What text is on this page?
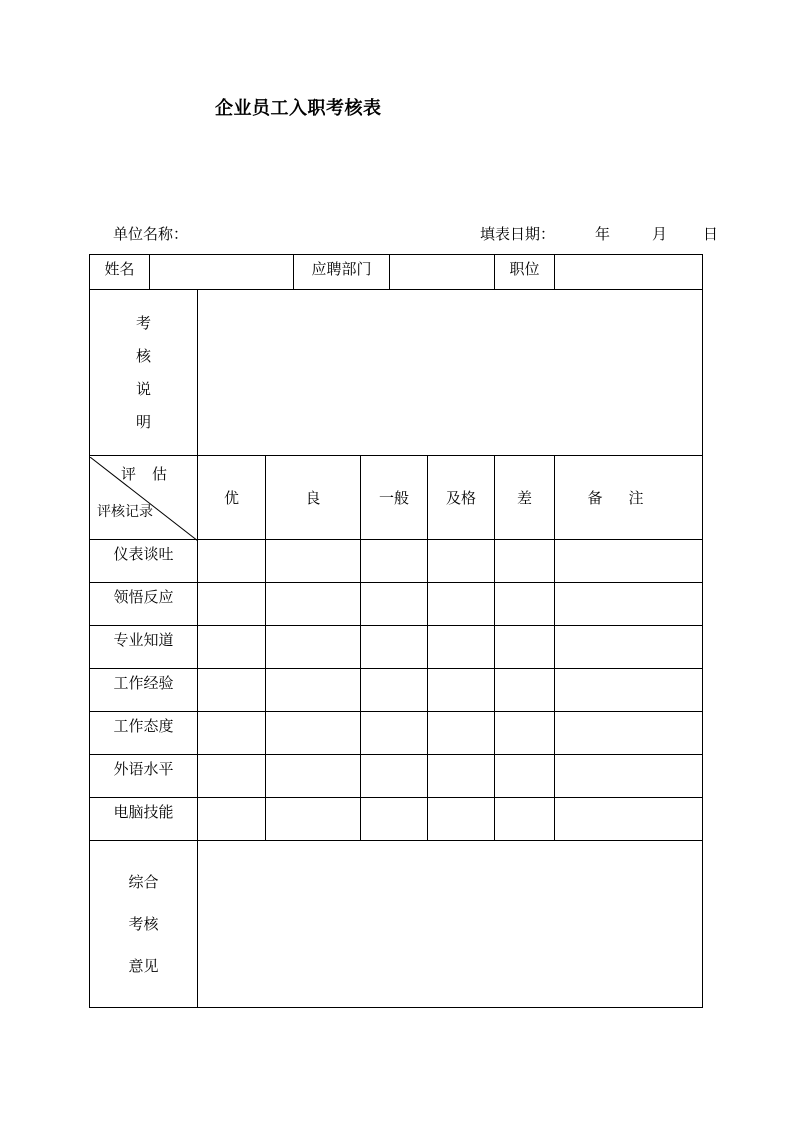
企业员工入职考核表
单位名称：	填表日期：	年	月 日
姓名				应聘部门				职位	

考
核
说
明									

评估
评核记录		优	良		一般		及格	差	备注
仪表谈吐									
领悟反应									
专业知道									
工作经验									
工作态度									
外语水平									
电脑技能									

综合
考核
意见									
